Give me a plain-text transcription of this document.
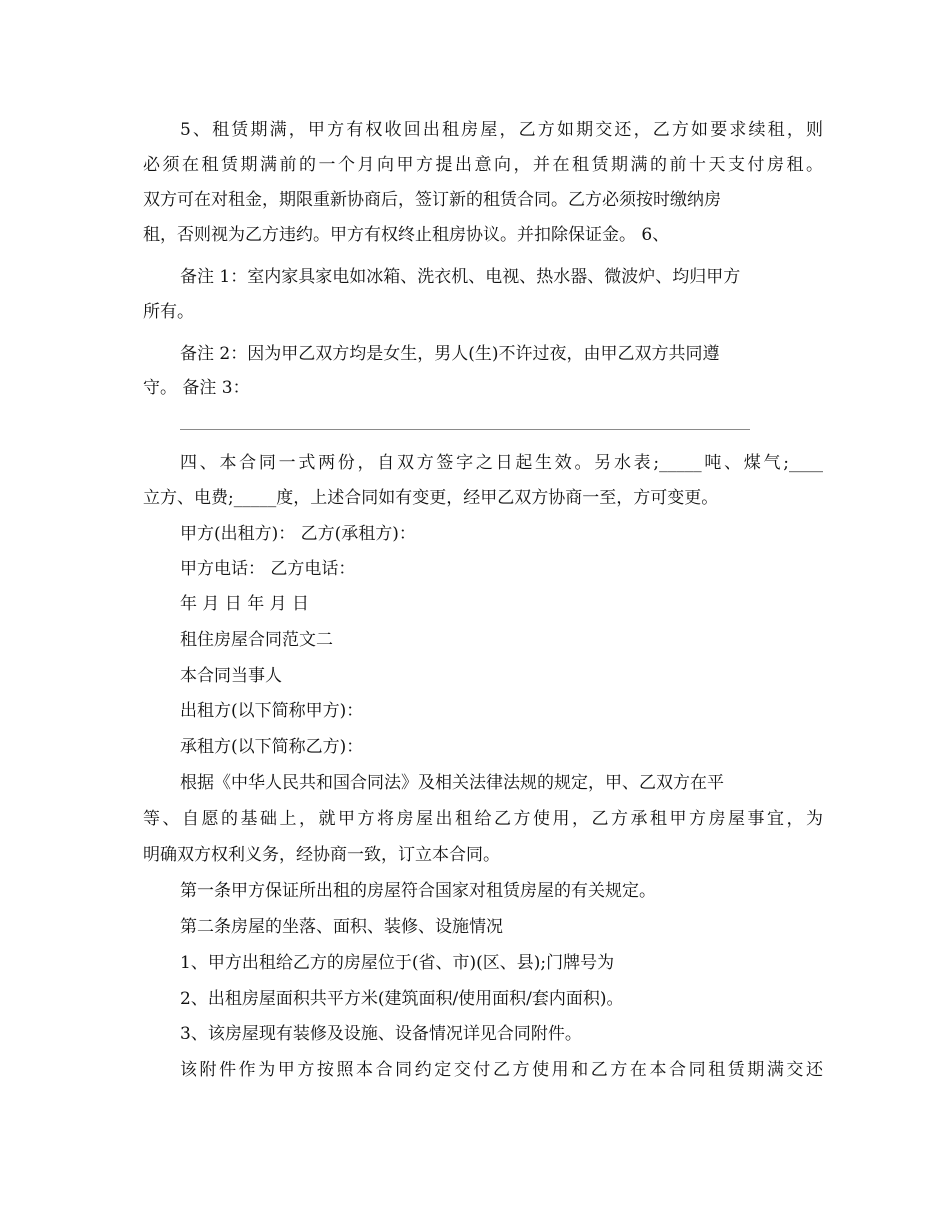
5、租赁期满，甲方有权收回出租房屋，乙方如期交还，乙方如要求续租，则
必须在租赁期满前的一个月向甲方提出意向，并在租赁期满的前十天支付房租。
双方可在对租金，期限重新协商后，签订新的租赁合同。乙方必须按时缴纳房
租，否则视为乙方违约。甲方有权终止租房协议。并扣除保证金。 6、
备注 1：室内家具家电如冰箱、洗衣机、电视、热水器、微波炉、均归甲方
所有。
备注 2：因为甲乙双方均是女生，男人(生)不许过夜，由甲乙双方共同遵
守。 备注 3：
四、本合同一式两份，自双方签字之日起生效。另水表;_____吨、煤气;____
立方、电费;_____度，上述合同如有变更，经甲乙双方协商一至，方可变更。
甲方(出租方)： 乙方(承租方)：
甲方电话： 乙方电话：
年 月 日 年 月 日
租住房屋合同范文二
本合同当事人
出租方(以下简称甲方)：
承租方(以下简称乙方)：
根据《中华人民共和国合同法》及相关法律法规的规定，甲、乙双方在平
等、自愿的基础上，就甲方将房屋出租给乙方使用，乙方承租甲方房屋事宜，为
明确双方权利义务，经协商一致，订立本合同。
第一条甲方保证所出租的房屋符合国家对租赁房屋的有关规定。
第二条房屋的坐落、面积、装修、设施情况
1、甲方出租给乙方的房屋位于(省、市)(区、县);门牌号为
2、出租房屋面积共平方米(建筑面积/使用面积/套内面积)。
3、该房屋现有装修及设施、设备情况详见合同附件。
该附件作为甲方按照本合同约定交付乙方使用和乙方在本合同租赁期满交还
